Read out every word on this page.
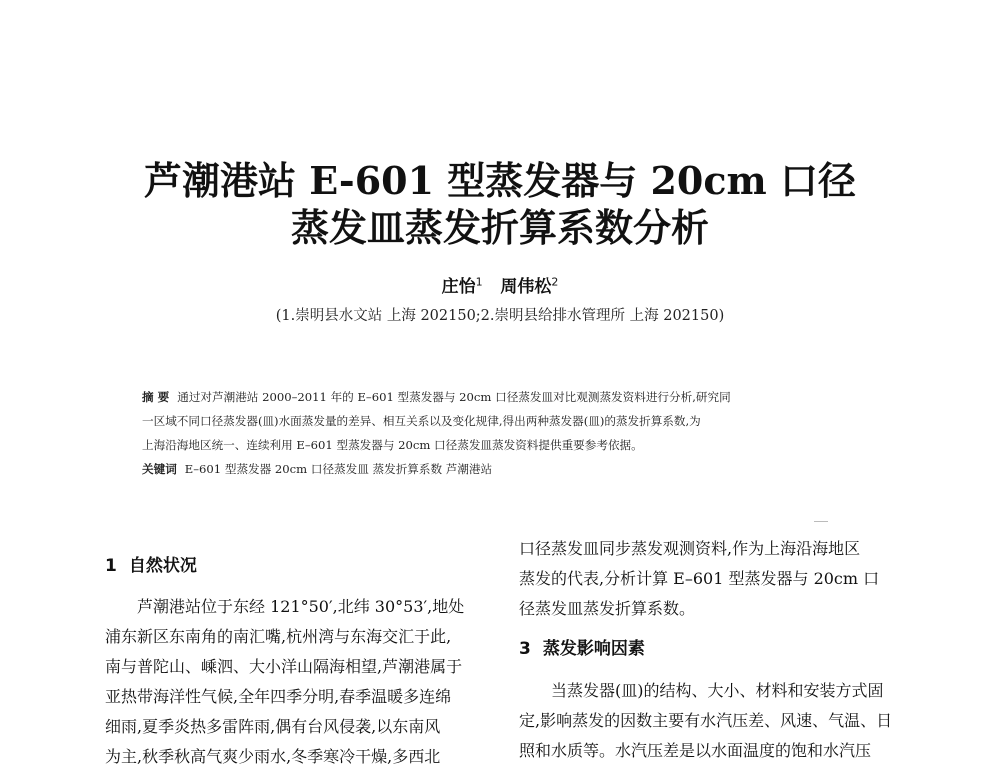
芦潮港站 E-601 型蒸发器与 20cm 口径
蒸发皿蒸发折算系数分析
庄怡$^1$ 周伟松$^2$
(1.崇明县水文站 上海 202150;2.崇明县给排水管理所 上海 202150)
摘 要 通过对芦潮港站 2000–2011 年的 E–601 型蒸发器与 20cm 口径蒸发皿对比观测蒸发资料进行分析,研究同
一区域不同口径蒸发器(皿)水面蒸发量的差异、相互关系以及变化规律,得出两种蒸发器(皿)的蒸发折算系数,为
上海沿海地区统一、连续利用 E–601 型蒸发器与 20cm 口径蒸发皿蒸发资料提供重要参考依据。
关键词 E–601 型蒸发器 20cm 口径蒸发皿 蒸发折算系数 芦潮港站
1 自然状况
芦潮港站位于东经 121°50′,北纬 30°53′,地处
浦东新区东南角的南汇嘴,杭州湾与东海交汇于此,
南与普陀山、嵊泗、大小洋山隔海相望,芦潮港属于
亚热带海洋性气候,全年四季分明,春季温暖多连绵
细雨,夏季炎热多雷阵雨,偶有台风侵袭,以东南风
为主,秋季秋高气爽少雨水,冬季寒冷干燥,多西北
口径蒸发皿同步蒸发观测资料,作为上海沿海地区
蒸发的代表,分析计算 E–601 型蒸发器与 20cm 口
径蒸发皿蒸发折算系数。
3 蒸发影响因素
当蒸发器(皿)的结构、大小、材料和安装方式固
定,影响蒸发的因数主要有水汽压差、风速、气温、日
照和水质等。水汽压差是以水面温度的饱和水汽压
